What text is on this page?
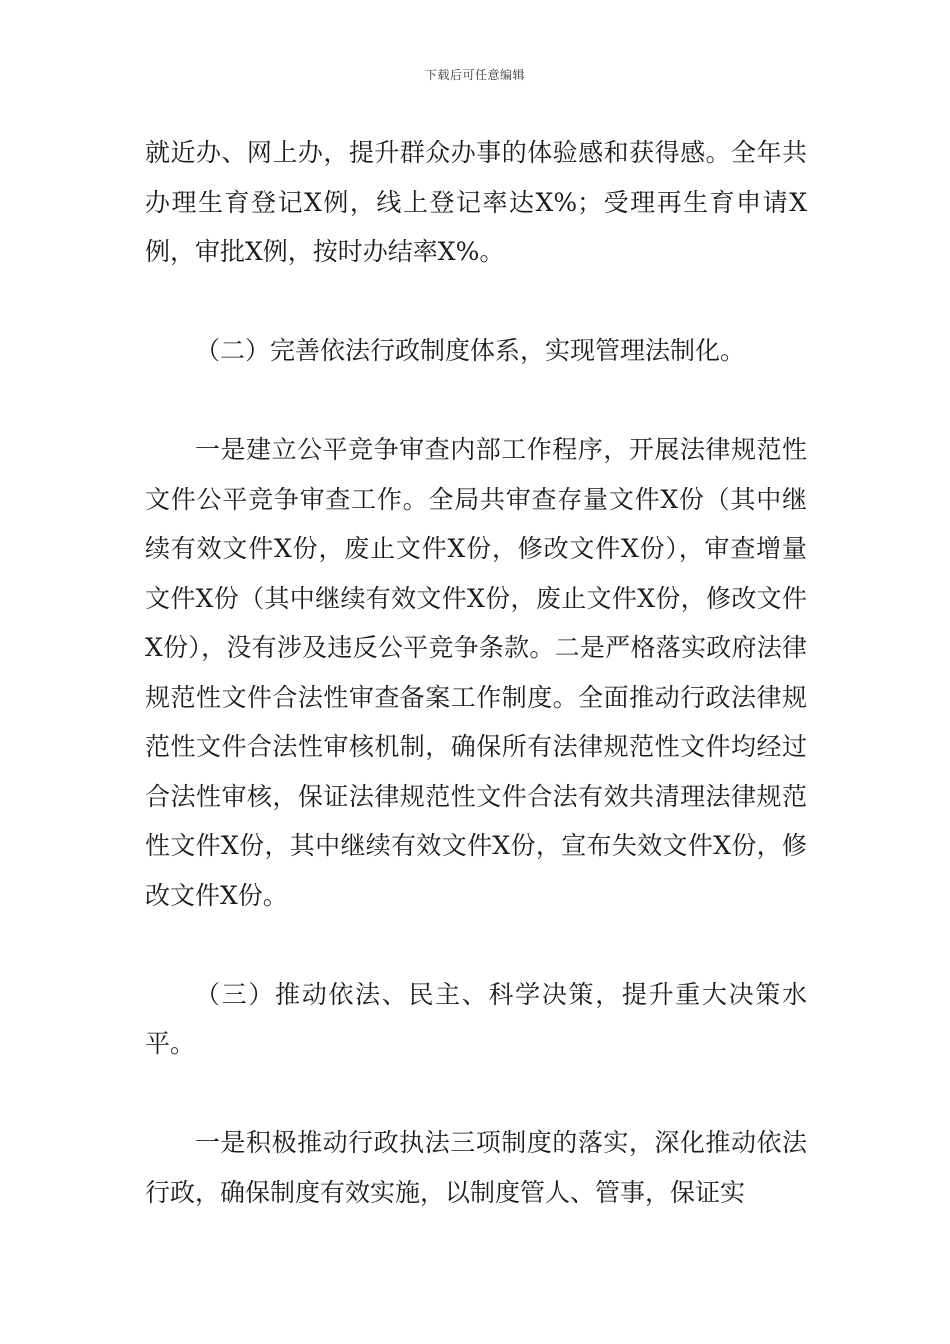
下载后可任意编辑

就近办、网上办，提升群众办事的体验感和获得感。全年共办理生育登记X例，线上登记率达X%；受理再生育申请X例，审批X例，按时办结率X%。

（二）完善依法行政制度体系，实现管理法制化。

一是建立公平竞争审查内部工作程序，开展法律规范性文件公平竞争审查工作。全局共审查存量文件X份（其中继续有效文件X份，废止文件X份，修改文件X份），审查增量文件X份（其中继续有效文件X份，废止文件X份，修改文件X份），没有涉及违反公平竞争条款。二是严格落实政府法律规范性文件合法性审查备案工作制度。全面推动行政法律规范性文件合法性审核机制，确保所有法律规范性文件均经过合法性审核，保证法律规范性文件合法有效共清理法律规范性文件X份，其中继续有效文件X份，宣布失效文件X份，修改文件X份。

（三）推动依法、民主、科学决策，提升重大决策水平。

一是积极推动行政执法三项制度的落实，深化推动依法行政，确保制度有效实施，以制度管人、管事，保证实
